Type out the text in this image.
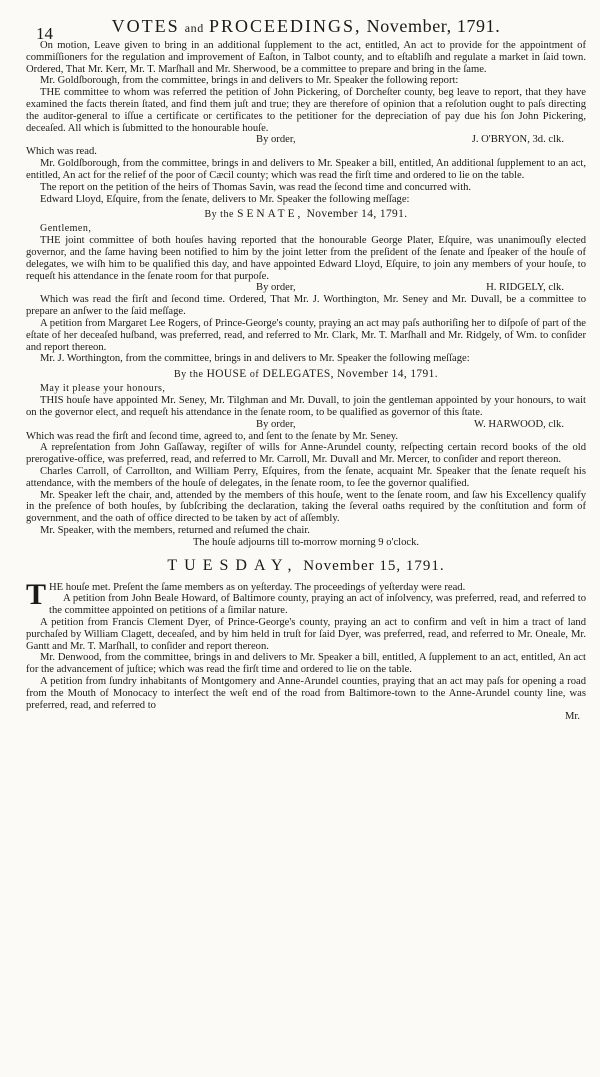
14	VOTES and PROCEEDINGS, November, 1791.

On motion, Leave given to bring in an additional ſupplement to the act, entitled, An act to provide for the appointment of commiſſioners for the regulation and improvement of Eaſton, in Talbot county, and to eſtabliſh and regulate a market in ſaid town. Ordered, That Mr. Kerr, Mr. T. Marſhall and Mr. Sherwood, be a committee to prepare and bring in the ſame.

Mr. Goldſborough, from the committee, brings in and delivers to Mr. Speaker the following report:

THE committee to whom was referred the petition of John Pickering, of Dorcheſter county, beg leave to report, that they have examined the facts therein ſtated, and find them juſt and true; they are therefore of opinion that a reſolution ought to paſs directing the auditor-general to iſſue a certificate or certificates to the petitioner for the depreciation of pay due his ſon John Pickering, deceaſed. All which is ſubmitted to the honourable houſe.

By order,	J. O'BRYON, 3d. clk.

Which was read.

Mr. Goldſborough, from the committee, brings in and delivers to Mr. Speaker a bill, entitled, An additional ſupplement to an act, entitled, An act for the relief of the poor of Cæcil county; which was read the firſt time and ordered to lie on the table.

The report on the petition of the heirs of Thomas Savin, was read the ſecond time and concurred with.

Edward Lloyd, Eſquire, from the ſenate, delivers to Mr. Speaker the following meſſage:

By the SENATE, November 14, 1791.

Gentlemen,

THE joint committee of both houſes having reported that the honourable George Plater, Eſquire, was unanimouſly elected governor, and the ſame having been notified to him by the joint letter from the preſident of the ſenate and ſpeaker of the houſe of delegates, we wiſh him to be qualified this day, and have appointed Edward Lloyd, Eſquire, to join any members of your houſe, to requeſt his attendance in the ſenate room for that purpoſe.

By order,	H. RIDGELY, clk.

Which was read the firſt and ſecond time. Ordered, That Mr. J. Worthington, Mr. Seney and Mr. Duvall, be a committee to prepare an anſwer to the ſaid meſſage.

A petition from Margaret Lee Rogers, of Prince-George's county, praying an act may paſs authoriſing her to diſpoſe of part of the eſtate of her deceaſed huſband, was preferred, read, and referred to Mr. Clark, Mr. T. Marſhall and Mr. Ridgely, of Wm. to conſider and report thereon.

Mr. J. Worthington, from the committee, brings in and delivers to Mr. Speaker the following meſſage:

By the HOUSE of DELEGATES, November 14, 1791.

May it please your honours,

THIS houſe have appointed Mr. Seney, Mr. Tilghman and Mr. Duvall, to join the gentleman appointed by your honours, to wait on the governor elect, and requeſt his attendance in the ſenate room, to be qualified as governor of this ſtate.

By order,	W. HARWOOD, clk.

Which was read the firſt and ſecond time, agreed to, and ſent to the ſenate by Mr. Seney.

A repreſentation from John Gaſſaway, regiſter of wills for Anne-Arundel county, reſpecting certain record books of the old prerogative-office, was preferred, read, and referred to Mr. Carroll, Mr. Duvall and Mr. Mercer, to conſider and report thereon.

Charles Carroll, of Carrollton, and William Perry, Eſquires, from the ſenate, acquaint Mr. Speaker that the ſenate requeſt his attendance, with the members of the houſe of delegates, in the ſenate room, to ſee the governor qualified.

Mr. Speaker left the chair, and, attended by the members of this houſe, went to the ſenate room, and ſaw his Excellency qualify in the preſence of both houſes, by ſubſcribing the declaration, taking the ſeveral oaths required by the conſtitution and form of government, and the oath of office directed to be taken by act of aſſembly.

Mr. Speaker, with the members, returned and reſumed the chair.

The houſe adjourns till to-morrow morning 9 o'clock.
TUESDAY, November 15, 1791.

T HE houſe met. Preſent the ſame members as on yeſterday. The proceedings of yeſterday were read.

A petition from John Beale Howard, of Baltimore county, praying an act of inſolvency, was preferred, read, and referred to the committee appointed on petitions of a ſimilar nature.

A petition from Francis Clement Dyer, of Prince-George's county, praying an act to confirm and veſt in him a tract of land purchaſed by William Clagett, deceaſed, and by him held in truſt for ſaid Dyer, was preferred, read, and referred to Mr. Oneale, Mr. Gantt and Mr. T. Marſhall, to conſider and report thereon.

Mr. Denwood, from the committee, brings in and delivers to Mr. Speaker a bill, entitled, A ſupplement to an act, entitled, An act for the advancement of juſtice; which was read the firſt time and ordered to lie on the table.

A petition from ſundry inhabitants of Montgomery and Anne-Arundel counties, praying that an act may paſs for opening a road from the Mouth of Monocacy to interſect the weſt end of the road from Baltimore-town to the Anne-Arundel county line, was preferred, read, and referred to

Mr.
